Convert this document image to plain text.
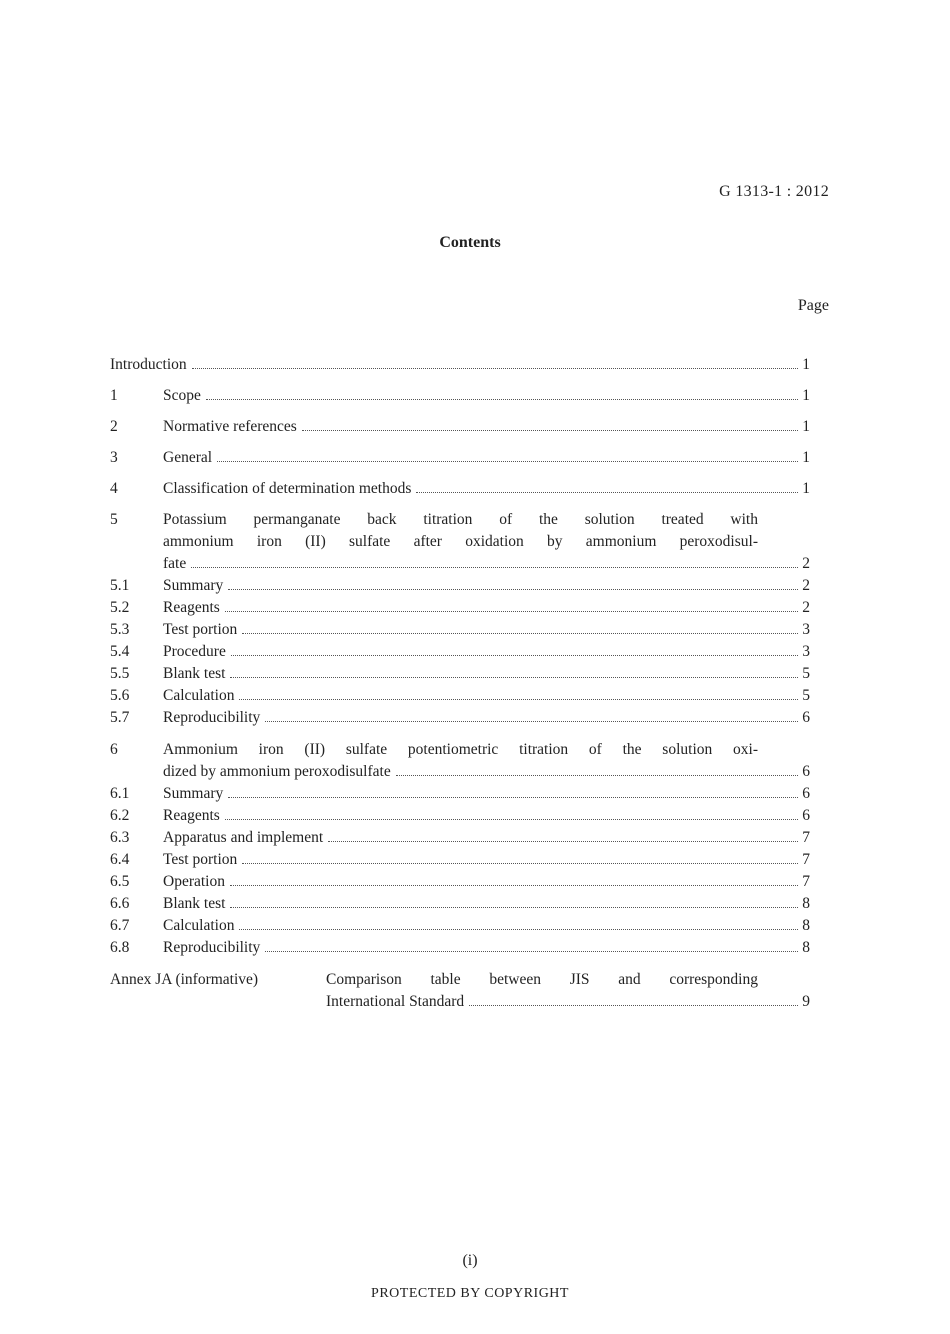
G 1313-1 : 2012
Contents
Page
Introduction	1
1	Scope	1
2	Normative references	1
3	General	1
4	Classification of determination methods	1
5	Potassium permanganate back titration of the solution treated with
ammonium iron (II) sulfate after oxidation by ammonium peroxodisul-
fate	2
5.1	Summary	2
5.2	Reagents	2
5.3	Test portion	3
5.4	Procedure	3
5.5	Blank test	5
5.6	Calculation	5
5.7	Reproducibility	6
6	Ammonium iron (II) sulfate potentiometric titration of the solution oxi-
dized by ammonium peroxodisulfate	6
6.1	Summary	6
6.2	Reagents	6
6.3	Apparatus and implement	7
6.4	Test portion	7
6.5	Operation	7
6.6	Blank test	8
6.7	Calculation	8
6.8	Reproducibility	8
Annex JA (informative)	Comparison table between JIS and corresponding
International Standard	9
(i)
PROTECTED BY COPYRIGHT
